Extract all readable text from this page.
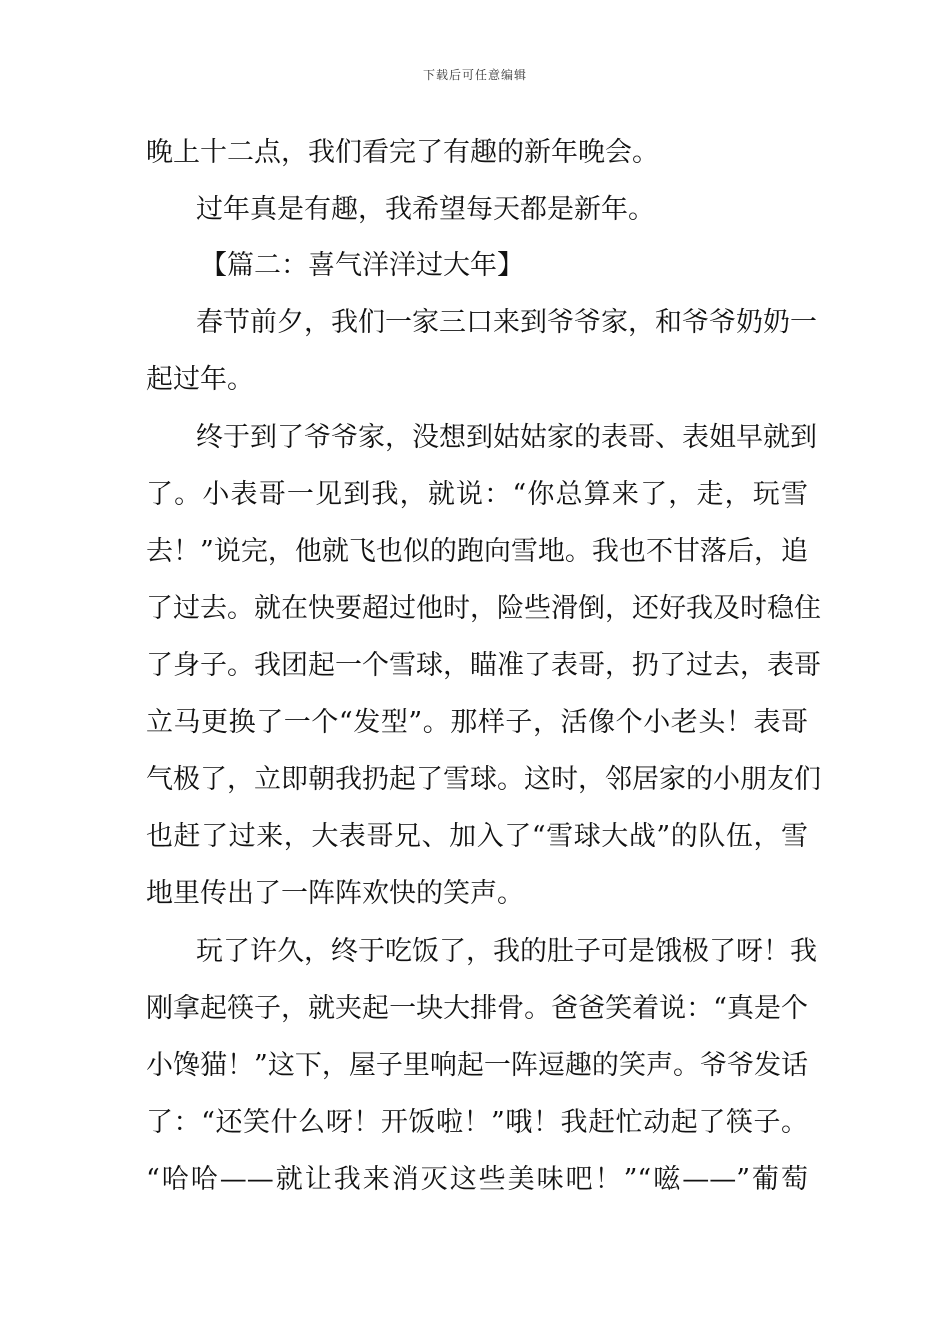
下载后可任意编辑
晚上十二点，我们看完了有趣的新年晚会。
过年真是有趣，我希望每天都是新年。
【篇二：喜气洋洋过大年】
春节前夕，我们一家三口来到爷爷家，和爷爷奶奶一
起过年。
终于到了爷爷家，没想到姑姑家的表哥、表姐早就到
了。小表哥一见到我，就说：“你总算来了，走，玩雪
去！”说完，他就飞也似的跑向雪地。我也不甘落后，追
了过去。就在快要超过他时，险些滑倒，还好我及时稳住
了身子。我团起一个雪球，瞄准了表哥，扔了过去，表哥
立马更换了一个“发型”。那样子，活像个小老头！表哥
气极了，立即朝我扔起了雪球。这时，邻居家的小朋友们
也赶了过来，大表哥兄、加入了“雪球大战”的队伍，雪
地里传出了一阵阵欢快的笑声。
玩了许久，终于吃饭了，我的肚子可是饿极了呀！我
刚拿起筷子，就夹起一块大排骨。爸爸笑着说：“真是个
小馋猫！”这下，屋子里响起一阵逗趣的笑声。爷爷发话
了：“还笑什么呀！开饭啦！”哦！我赶忙动起了筷子。
“哈哈——就让我来消灭这些美味吧！”“嗞——”葡萄
